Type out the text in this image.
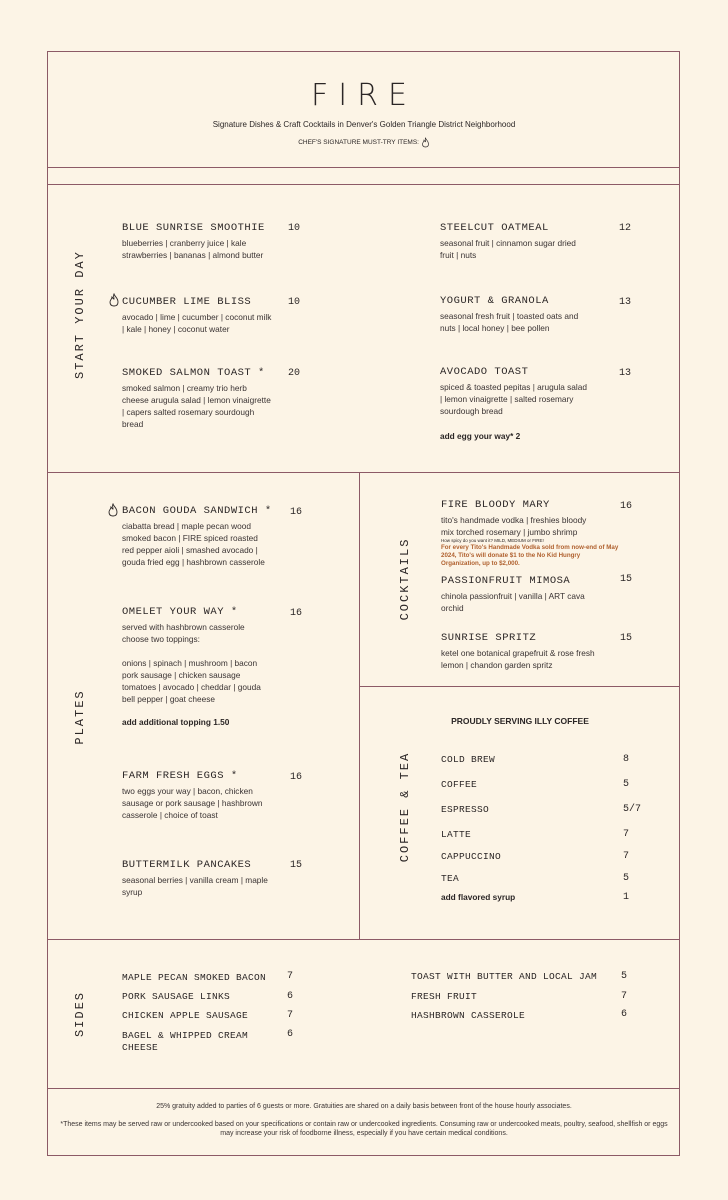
FIRE
Signature Dishes & Craft Cocktails in Denver's Golden Triangle District Neighborhood
CHEF'S SIGNATURE MUST-TRY ITEMS:
START YOUR DAY
PLATES
COCKTAILS
COFFEE & TEA
SIDES
BLUE SUNRISE SMOOTHIE
blueberries | cranberry juice | kale strawberries | bananas | almond butter
10
CUCUMBER LIME BLISS
avocado | lime | cucumber | coconut milk | kale | honey | coconut water
10
SMOKED SALMON TOAST *
smoked salmon | creamy trio herb cheese arugula salad | lemon vinaigrette | capers salted rosemary sourdough bread
20
STEELCUT OATMEAL
seasonal fruit | cinnamon sugar dried fruit | nuts
12
YOGURT & GRANOLA
seasonal fresh fruit | toasted oats and nuts | local honey | bee pollen
13
AVOCADO TOAST
spiced & toasted pepitas | arugula salad | lemon vinaigrette | salted rosemary sourdough bread
13
add egg your way* 2
BACON GOUDA SANDWICH *
ciabatta bread | maple pecan wood smoked bacon | FIRE spiced roasted red pepper aioli | smashed avocado | gouda fried egg | hashbrown casserole
16
OMELET YOUR WAY *
served with hashbrown casserole choose two toppings:
onions | spinach | mushroom | bacon pork sausage | chicken sausage tomatoes | avocado | cheddar | gouda bell pepper | goat cheese
16
add additional topping 1.50
FARM FRESH EGGS *
two eggs your way | bacon, chicken sausage or pork sausage | hashbrown casserole | choice of toast
16
BUTTERMILK PANCAKES
seasonal berries | vanilla cream | maple syrup
15
FIRE BLOODY MARY
tito's handmade vodka | freshies bloody mix torched rosemary | jumbo shrimp
How spicy do you want it? MILD, MEDIUM or FIRE!
For every Tito's Handmade Vodka sold from now-end of May 2024, Tito's will donate $1 to the No Kid Hungry Organization, up to $2,000.
16
PASSIONFRUIT MIMOSA
chinola passionfruit | vanilla | ART cava orchid
15
SUNRISE SPRITZ
ketel one botanical grapefruit & rose fresh lemon | chandon garden spritz
15
PROUDLY SERVING ILLY COFFEE
COLD BREW	8
COFFEE	5
ESPRESSO	5/7
LATTE	7
CAPPUCCINO	7
TEA	5
add flavored syrup	1
MAPLE PECAN SMOKED BACON 7
PORK SAUSAGE LINKS	6
CHICKEN APPLE SAUSAGE	7
BAGEL & WHIPPED CREAM CHEESE
6
TOAST WITH BUTTER AND LOCAL JAM 5
FRESH FRUIT	7
HASHBROWN CASSEROLE	6
25% gratuity added to parties of 6 guests or more. Gratuities are shared on a daily basis between front of the house hourly associates.
*These items may be served raw or undercooked based on your specifications or contain raw or undercooked ingredients. Consuming raw or undercooked meats, poultry, seafood, shellfish or eggs may increase your risk of foodborne illness, especially if you have certain medical conditions.
